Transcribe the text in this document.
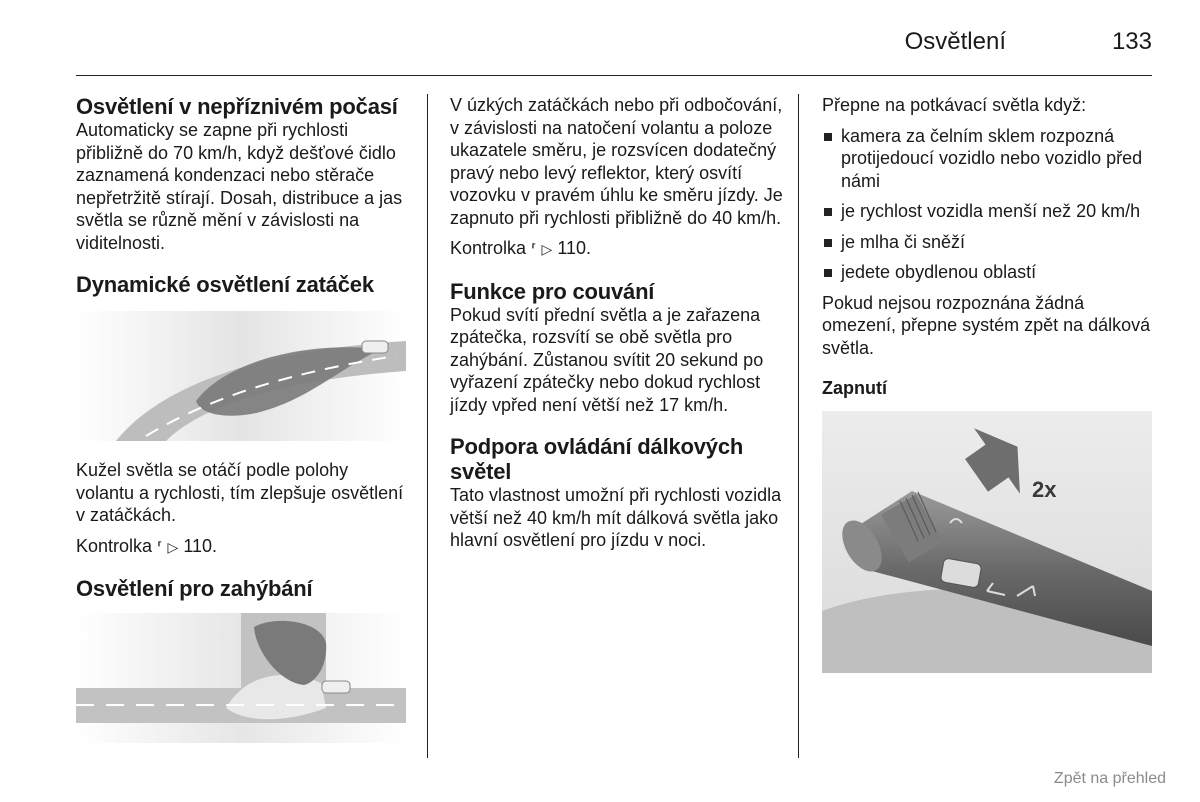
Osvětlení	133
Osvětlení v nepříznivém počasí

Automaticky se zapne při rychlosti přibližně do 70 km/h, když dešťové čidlo zaznamená kondenzaci nebo stěrače nepřetržitě stírají. Dosah, distribuce a jas světla se různě mění v závislosti na viditelnosti.

Dynamické osvětlení zatáček

Kužel světla se otáčí podle polohy volantu a rychlosti, tím zlepšuje osvětlení v zatáčkách.

Kontrolka ⸢ ▷ 110.

Osvětlení pro zahýbání

V úzkých zatáčkách nebo při odbočování, v závislosti na natočení volantu a poloze ukazatele směru, je rozsvícen dodatečný pravý nebo levý reflektor, který osvítí vozovku v pravém úhlu ke směru jízdy. Je zapnuto při rychlosti přibližně do 40 km/h.

Kontrolka ⸢ ▷ 110.

Funkce pro couvání

Pokud svítí přední světla a je zařazena zpátečka, rozsvítí se obě světla pro zahýbání. Zůstanou svítit 20 sekund po vyřazení zpátečky nebo dokud rychlost jízdy vpřed není větší než 17 km/h.

Podpora ovládání dálkových světel

Tato vlastnost umožní při rychlosti vozidla větší než 40 km/h mít dálková světla jako hlavní osvětlení pro jízdu v noci.

Přepne na potkávací světla když:

kamera za čelním sklem rozpozná protijedoucí vozidlo nebo vozidlo před námi
je rychlost vozidla menší než 20 km/h
je mlha či sněží
jedete obydlenou oblastí

Pokud nejsou rozpoznána žádná omezení, přepne systém zpět na dálková světla.

Zapnutí
2x
Zpět na přehled
